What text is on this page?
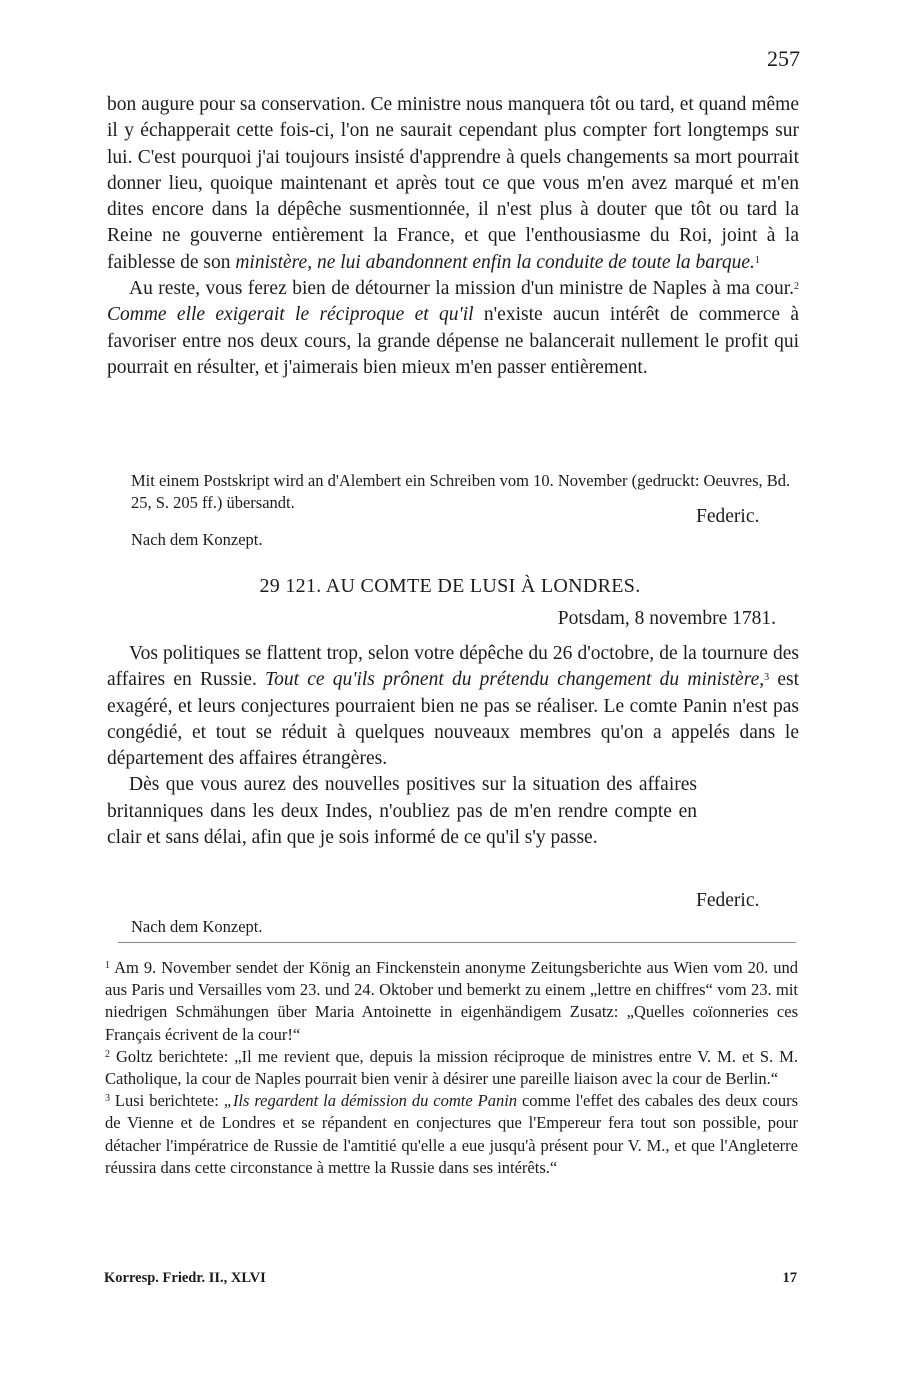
257

bon augure pour sa conservation. Ce ministre nous manquera tôt ou tard, et quand même il y échapperait cette fois-ci, l'on ne saurait cependant plus compter fort longtemps sur lui. C'est pourquoi j'ai toujours insisté d'apprendre à quels changements sa mort pourrait donner lieu, quoique maintenant et après tout ce que vous m'en avez marqué et m'en dites encore dans la dépêche susmentionnée, il n'est plus à douter que tôt ou tard la Reine ne gouverne entièrement la France, et que l'enthousiasme du Roi, joint à la faiblesse de son ministère, ne lui abandonnent enfin la conduite de toute la barque.$^1$

Au reste, vous ferez bien de détourner la mission d'un ministre de Naples à ma cour.$^2$ Comme elle exigerait le réciproque et qu'il n'existe aucun intérêt de commerce à favoriser entre nos deux cours, la grande dépense ne balancerait nullement le profit qui pourrait en résulter, et j'aimerais bien mieux m'en passer entièrement.

Mit einem Postskript wird an d'Alembert ein Schreiben vom 10. November (gedruckt: Oeuvres, Bd. 25, S. 205 ff.) übersandt.

Federic.
Nach dem Konzept.
29 121. AU COMTE DE LUSI À LONDRES.
Potsdam, 8 novembre 1781.

Vos politiques se flattent trop, selon votre dépêche du 26 d'octobre, de la tournure des affaires en Russie. Tout ce qu'ils prônent du prétendu changement du ministère,$^3$ est exagéré, et leurs conjectures pourraient bien ne pas se réaliser. Le comte Panin n'est pas congédié, et tout se réduit à quelques nouveaux membres qu'on a appelés dans le département des affaires étrangères.

Dès que vous aurez des nouvelles positives sur la situation des affaires britanniques dans les deux Indes, n'oubliez pas de m'en rendre compte en clair et sans délai, afin que je sois informé de ce qu'il s'y passe.

Federic.
Nach dem Konzept.

$^1$ Am 9. November sendet der König an Finckenstein anonyme Zeitungsberichte aus Wien vom 20. und aus Paris und Versailles vom 23. und 24. Oktober und bemerkt zu einem „lettre en chiffres“ vom 23. mit niedrigen Schmähungen über Maria Antoinette in eigenhändigem Zusatz: „Quelles coïonneries ces Français écrivent de la cour!“

$^2$ Goltz berichtete: „Il me revient que, depuis la mission réciproque de ministres entre V. M. et S. M. Catholique, la cour de Naples pourrait bien venir à désirer une pareille liaison avec la cour de Berlin.“

$^3$ Lusi berichtete: „Ils regardent la démission du comte Panin comme l'effet des cabales des deux cours de Vienne et de Londres et se répandent en conjectures que l'Empereur fera tout son possible, pour détacher l'impératrice de Russie de l'amtitié qu'elle a eue jusqu'à présent pour V. M., et que l'Angleterre réussira dans cette circonstance à mettre la Russie dans ses intérêts.“

Korresp. Friedr. II., XLVI	17
